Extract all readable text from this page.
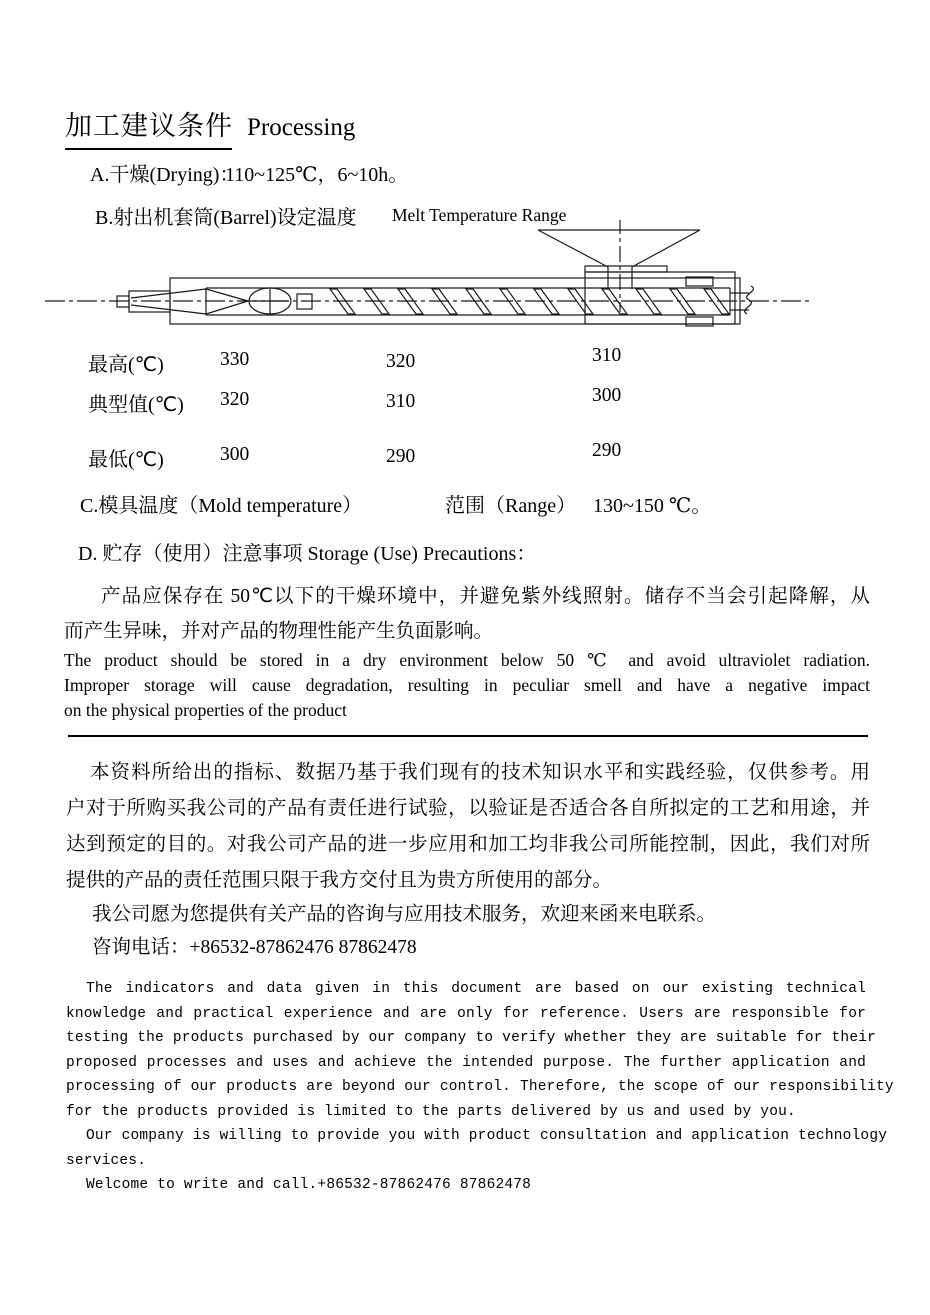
加工建议条件 Processing
A.干燥(Drying)：
110~125℃，6~10h。
B.射出机套筒(Barrel)设定温度 Melt Temperature Range
最高(℃)	330	320	310
典型值(℃) 320	310	300
最低(℃)	300	290	290
C.模具温度（Mold temperature）	范围（Range） 130~150 ℃。
D. 贮存（使用）注意事项 Storage (Use) Precautions：
产品应保存在 50℃以下的干燥环境中，并避免紫外线照射。储存不当会引起降解，从
而产生异味，并对产品的物理性能产生负面影响。
The product should be stored in a dry environment below 50 ℃ and avoid ultraviolet radiation.
Improper storage will cause degradation, resulting in peculiar smell and have a negative impact
on the physical properties of the product
本资料所给出的指标、数据乃基于我们现有的技术知识水平和实践经验，仅供参考。用
户对于所购买我公司的产品有责任进行试验，以验证是否适合各自所拟定的工艺和用途，并
达到预定的目的。对我公司产品的进一步应用和加工均非我公司所能控制，因此，我们对所
提供的产品的责任范围只限于我方交付且为贵方所使用的部分。
我公司愿为您提供有关产品的咨询与应用技术服务，欢迎来函来电联系。
咨询电话：+86532-87862476 87862478
The indicators and data given in this document are based on our existing technical
knowledge and practical experience and are only for reference. Users are responsible for
testing the products purchased by our company to verify whether they are suitable for their
proposed processes and uses and achieve the intended purpose. The further application and
processing of our products are beyond our control. Therefore, the scope of our responsibility
for the products provided is limited to the parts delivered by us and used by you.
Our company is willing to provide you with product consultation and application technology
services.
Welcome to write and call.+86532-87862476 87862478
